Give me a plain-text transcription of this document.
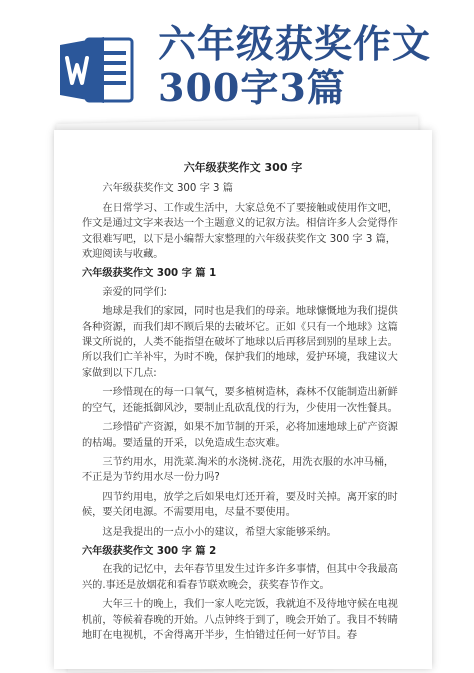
六年级获奖作文300字3篇
六年级获奖作文 300 字
六年级获奖作文 300 字 3 篇
在日常学习、工作或生活中，大家总免不了要接触或使用作文吧，作文是通过文字来表达一个主题意义的记叙方法。相信许多人会觉得作文很难写吧，以下是小编帮大家整理的六年级获奖作文 300 字 3 篇，欢迎阅读与收藏。
六年级获奖作文 300 字 篇 1
亲爱的同学们:
地球是我们的家园，同时也是我们的母亲。地球慷慨地为我们提供各种资源，而我们却不顾后果的去破坏它。正如《只有一个地球》这篇课文所说的，人类不能指望在破坏了地球以后再移居到别的星球上去。所以我们亡羊补牢，为时不晚，保护我们的地球，爱护环境，我建议大家做到以下几点:
一珍惜现在的每一口氧气，要多植树造林，森林不仅能制造出新鲜的空气，还能抵御风沙，要制止乱砍乱伐的行为，少使用一次性餐具。
二珍惜矿产资源，如果不加节制的开采，必将加速地球上矿产资源的枯竭。要适量的开采，以免造成生态灾难。
三节约用水，用洗菜.淘米的水浇树.浇花，用洗衣服的水冲马桶，不正是为节约用水尽一份力吗?
四节约用电，放学之后如果电灯还开着，要及时关掉。离开家的时候，要关闭电源。不需要用电，尽量不要使用。
这是我提出的一点小小的建议，希望大家能够采纳。
六年级获奖作文 300 字 篇 2
在我的记忆中，去年春节里发生过许多许多事情，但其中令我最高兴的.事还是放烟花和看春节联欢晚会，获奖春节作文。
大年三十的晚上，我们一家人吃完饭，我就迫不及待地守候在电视机前，等候着春晚的开始。八点钟终于到了，晚会开始了。我目不转睛地盯在电视机，不舍得离开半步，生怕错过任何一好节目。春
